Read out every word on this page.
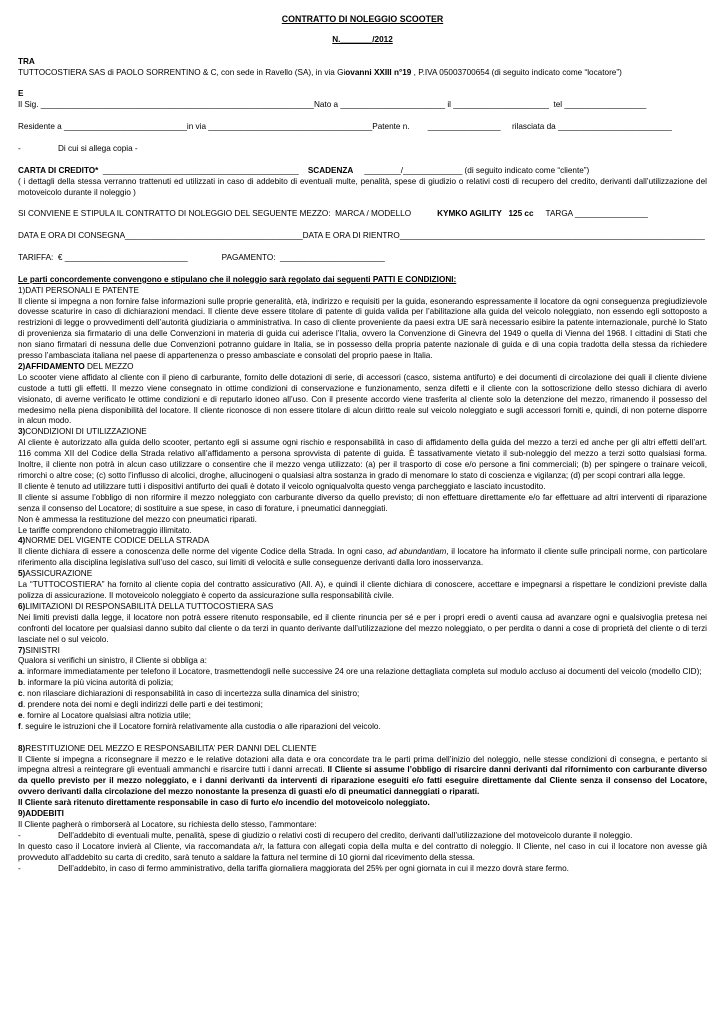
CONTRATTO DI NOLEGGIO SCOOTER
N._______/2012
TRA
TUTTOCOSTIERA SAS di PAOLO SORRENTINO & C, con sede in Ravello (SA), in via Giovanni XXIII n°19 , P.IVA 05003700654 (di seguito indicato come “locatore”)
E
Il Sig. ____________________________________________________________Nato a _______________________ il _____________________  tel __________________
Residente a ___________________________in via ____________________________________Patente n.        ________________     rilasciata da _________________________
-	Di cui si allega copia -
CARTA DI CREDITO*  ___________________________________________    SCADENZA     ________/_____________ (di seguito indicato come “cliente”)

( i dettagli della stessa verranno trattenuti ed utilizzati in caso di addebito di eventuali multe, penalità, spese di giudizio o relativi costi di recupero del credito, derivanti dall’utilizzazione del motoveicolo durante il noleggio )

SI CONVIENE E STIPULA IL CONTRATTO DI NOLEGGIO DEL SEGUENTE MEZZO:  MARCA / MODELLO	KYMKO AGILITY   125 cc TARGA ________________
DATA E ORA DI CONSEGNA_______________________________________DATA E ORA DI RIENTRO___________________________________________________________________
TARIFFA:  € ___________________________	PAGAMENTO:  _______________________
Le parti concordemente convengono e stipulano che il noleggio sarà regolato dai seguenti PATTI E CONDIZIONI:
1)DATI PERSONALI E PATENTE

Il cliente si impegna a non fornire false informazioni sulle proprie generalità, età, indirizzo e requisiti per la guida, esonerando espressamente il locatore da ogni conseguenza pregiudizievole dovesse scaturire in caso di dichiarazioni mendaci. Il cliente deve essere titolare di patente di guida valida per l’abilitazione alla guida del veicolo noleggiato, non essendo egli sottoposto a restrizioni di legge o provvedimenti dell’autorità giudiziaria o amministrativa. In caso di cliente proveniente da paesi extra UE sarà necessario esibire la patente internazionale, purchè lo Stato di provenienza sia firmatario di una delle Convenzioni in materia di guida cui aderisce l’Italia, ovvero la Convenzione di Ginevra del 1949 o quella di Vienna del 1968. I cittadini di Stati che non siano firmatari di nessuna delle due Convenzioni potranno guidare in Italia, se in possesso della propria patente nazionale di guida e di una copia tradotta della stessa da richiedere presso l’ambasciata italiana nel paese di appartenenza o presso ambasciate e consolati del proprio paese in Italia.

2)AFFIDAMENTO DEL MEZZO

Lo scooter viene affidato al cliente con il pieno di carburante, fornito delle dotazioni di serie, di accessori (casco, sistema antifurto) e dei documenti di circolazione dei quali il cliente diviene custode a tutti gli effetti. Il mezzo viene consegnato in ottime condizioni di conservazione e funzionamento, senza difetti e il cliente con la sottoscrizione dello stesso dichiara di averlo visionato, di averne verificato le ottime condizioni e di reputarlo idoneo all’uso. Con il presente accordo viene trasferita al cliente solo la detenzione del mezzo, rimanendo il possesso del medesimo nella piena disponibilità del locatore. Il cliente riconosce di non essere titolare di alcun diritto reale sul veicolo noleggiato e sugli accessori forniti e, quindi, di non poterne disporre in alcun modo.

3)CONDIZIONI DI UTILIZZAZIONE

Al cliente è autorizzato alla guida dello scooter, pertanto egli si assume ogni rischio e responsabilità in caso di affidamento della guida del mezzo a terzi ed anche per gli altri effetti dell’art. 116 comma XII del Codice della Strada relativo all’affidamento a persona sprovvista di patente di guida. È tassativamente vietato il sub-noleggio del mezzo a terzi sotto qualsiasi forma. Inoltre, il cliente non potrà in alcun caso utilizzare o consentire che il mezzo venga utilizzato: (a) per il trasporto di cose e/o persone a fini commerciali; (b) per spingere o trainare veicoli, rimorchi o altre cose; (c) sotto l’influsso di alcolici, droghe, allucinogeni o qualsiasi altra sostanza in grado di menomare lo stato di coscienza e vigilanza; (d) per scopi contrari alla legge.

Il cliente è tenuto ad utilizzare tutti i dispositivi antifurto dei quali è dotato il veicolo ogniqualvolta questo venga parcheggiato e lasciato incustodito.

Il cliente si assume l’obbligo di non riformire il mezzo noleggiato con carburante diverso da quello previsto; di non effettuare direttamente e/o far effettuare ad altri interventi di riparazione senza il consenso del Locatore; di sostituire a sue spese, in caso di forature, i pneumatici danneggiati.

Non è ammessa la restituzione del mezzo con pneumatici riparati.

Le tariffe comprendono chilometraggio illimitato.

4)NORME DEL VIGENTE CODICE DELLA STRADA

Il cliente dichiara di essere a conoscenza delle norme del vigente Codice della Strada. In ogni caso, ad abundantiam, il locatore ha informato il cliente sulle principali norme, con particolare riferimento alla disciplina legislativa sull’uso del casco, sui limiti di velocità e sulle conseguenze derivanti dalla loro inosservanza.

5)ASSICURAZIONE

La “TUTTOCOSTIERA” ha fornito al cliente copia del contratto assicurativo (All. A), e quindi il cliente dichiara di conoscere, accettare e impegnarsi a rispettare le condizioni previste dalla polizza di assicurazione. Il motoveicolo noleggiato è coperto da assicurazione sulla responsabilità civile.

6)LIMITAZIONI DI RESPONSABILITÀ DELLA TUTTOCOSTIERA SAS

Nei limiti previsti dalla legge, il locatore non potrà essere ritenuto responsabile, ed il cliente rinuncia per sé e per i propri eredi o aventi causa ad avanzare ogni e qualsivoglia pretesa nei confronti del locatore per qualsiasi danno subito dal cliente o da terzi in quanto derivante dall’utilizzazione del mezzo noleggiato, o per perdita o danni a cose di proprietà del cliente o di terzi lasciate nel o sul veicolo.

7)SINISTRI
Qualora si verifichi un sinistro, il Cliente si obbliga a:

a. informare immediatamente per telefono il Locatore, trasmettendogli nelle successive 24 ore una relazione dettagliata completa sul modulo accluso ai documenti del veicolo (modello CID);

b. informare la più vicina autorità di polizia;

c. non rilasciare dichiarazioni di responsabilità in caso di incertezza sulla dinamica del sinistro;

d. prendere nota dei nomi e degli indirizzi delle parti e dei testimoni;

e. fornire al Locatore qualsiasi altra notizia utile;

f. seguire le istruzioni che il Locatore fornirà relativamente alla custodia o alle riparazioni del veicolo.

8)RESTITUZIONE DEL MEZZO E RESPONSABILITA’ PER DANNI DEL CLIENTE

Il Cliente si impegna a riconsegnare il mezzo e le relative dotazioni alla data e ora concordate tra le parti prima dell’inizio del noleggio, nelle stesse condizioni di consegna, e pertanto si impegna altresì a reintegrare gli eventuali ammanchi e risarcire tutti i danni arrecati. Il Cliente si assume l’obbligo di risarcire danni derivanti dal rifornimento con carburante diverso da quello previsto per il mezzo noleggiato, e i danni derivanti da interventi di riparazione eseguiti e/o fatti eseguire direttamente dal Cliente senza il consenso del Locatore, ovvero derivanti dalla circolazione del mezzo nonostante la presenza di guasti e/o di pneumatici danneggiati o riparati.

Il Cliente sarà ritenuto direttamente responsabile in caso di furto e/o incendio del motoveicolo noleggiato.

9)ADDEBITI
Il Cliente pagherà o rimborserà al Locatore, su richiesta dello stesso, l’ammontare:

-	Dell’addebito di eventuali multe, penalità, spese di giudizio o relativi costi di recupero del credito, derivanti dall’utilizzazione del motoveicolo durante il noleggio.

In questo caso il Locatore invierà al Cliente, via raccomandata a/r, la fattura con allegati copia della multa e del contratto di noleggio. Il Cliente, nel caso in cui il locatore non avesse già provveduto all’addebito su carta di credito, sarà tenuto a saldare la fattura nel termine di 10 giorni dal ricevimento della stessa.

-	Dell’addebito, in caso di fermo amministrativo, della tariffa giornaliera maggiorata del 25% per ogni giornata in cui il mezzo dovrà stare fermo.
